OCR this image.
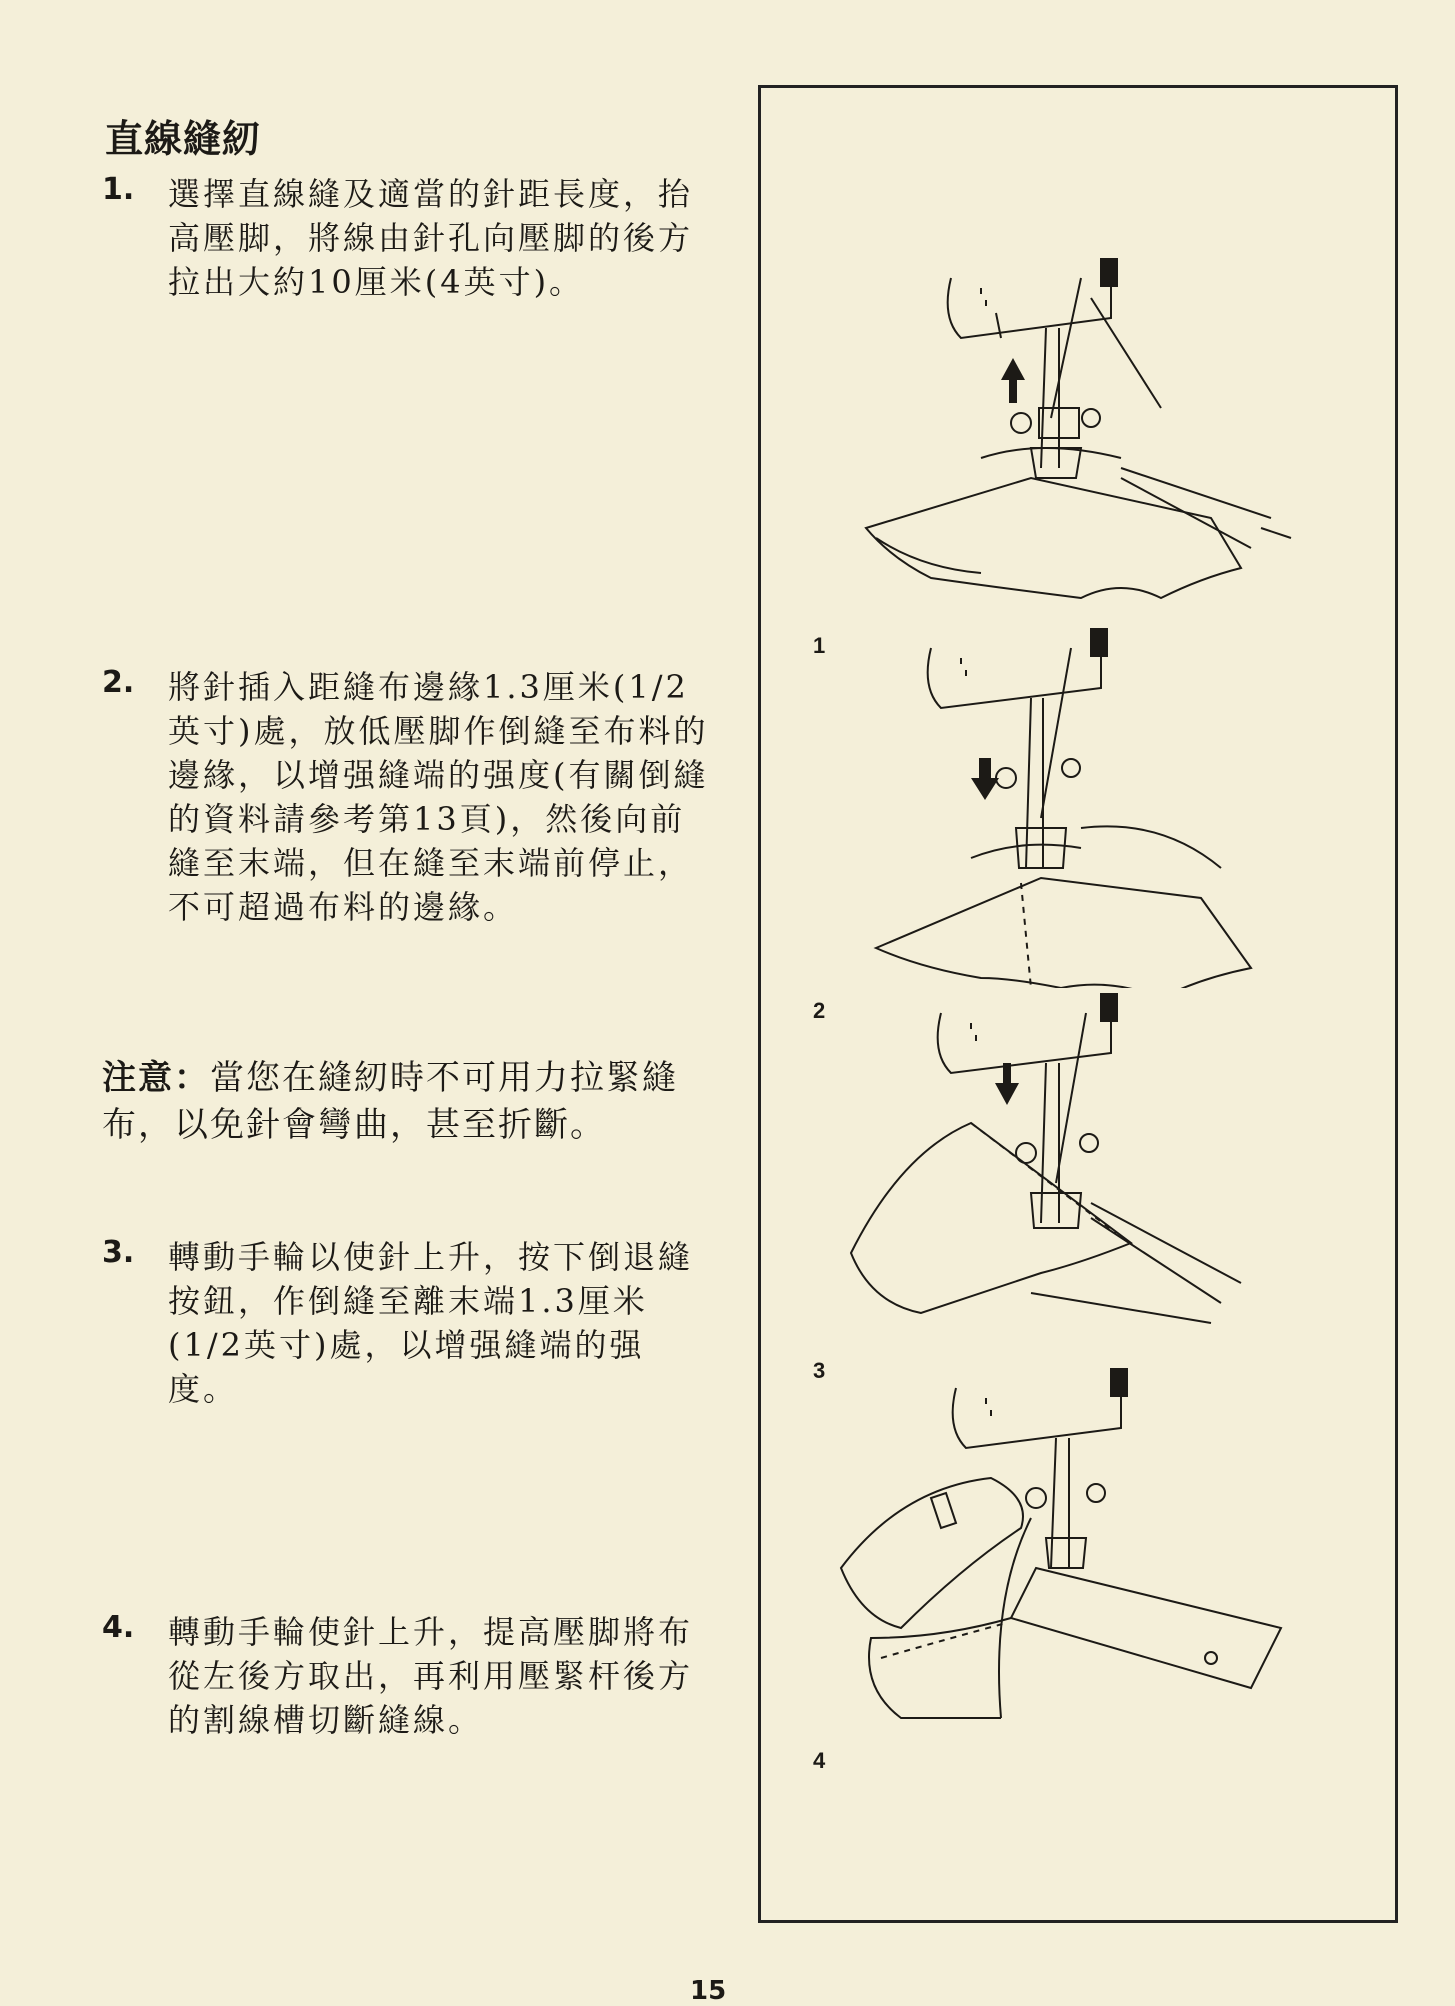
直線縫紉
1. 選擇直線縫及適當的針距長度，抬高壓脚，將線由針孔向壓脚的後方拉出大約10厘米(4英寸)。
2. 將針插入距縫布邊緣1.3厘米(1/2英寸)處，放低壓脚作倒縫至布料的邊緣，以增强縫端的强度(有關倒縫的資料請參考第13頁)，然後向前縫至末端，但在縫至末端前停止，不可超過布料的邊緣。
注意：當您在縫紉時不可用力拉緊縫布，以免針會彎曲，甚至折斷。
3. 轉動手輪以使針上升，按下倒退縫按鈕，作倒縫至離末端1.3厘米(1/2英寸)處，以增强縫端的强度。
4. 轉動手輪使針上升，提高壓脚將布從左後方取出，再利用壓緊杆後方的割線槽切斷縫線。
1
2
3
4
15
